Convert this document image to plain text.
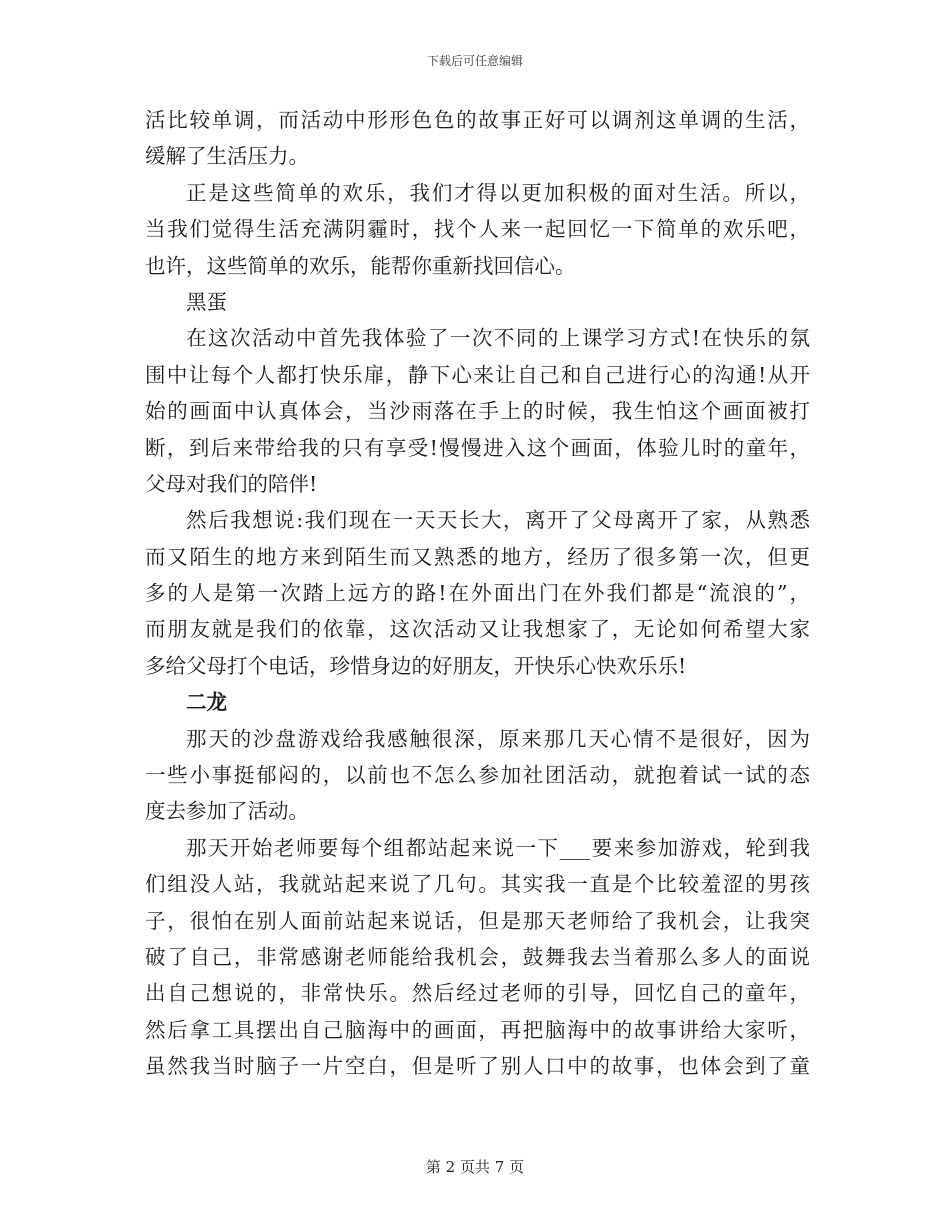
下载后可任意编辑
活比较单调，而活动中形形色色的故事正好可以调剂这单调的生活，
缓解了生活压力。
正是这些简单的欢乐，我们才得以更加积极的面对生活。所以，
当我们觉得生活充满阴霾时，找个人来一起回忆一下简单的欢乐吧，
也许，这些简单的欢乐，能帮你重新找回信心。
黑蛋
在这次活动中首先我体验了一次不同的上课学习方式!在快乐的氛
围中让每个人都打快乐扉，静下心来让自己和自己进行心的沟通!从开
始的画面中认真体会，当沙雨落在手上的时候，我生怕这个画面被打
断，到后来带给我的只有享受!慢慢进入这个画面，体验儿时的童年，
父母对我们的陪伴!
然后我想说:我们现在一天天长大，离开了父母离开了家，从熟悉
而又陌生的地方来到陌生而又熟悉的地方，经历了很多第一次，但更
多的人是第一次踏上远方的路!在外面出门在外我们都是“流浪的”，
而朋友就是我们的依靠，这次活动又让我想家了，无论如何希望大家
多给父母打个电话，珍惜身边的好朋友，开快乐心快欢乐乐!
二龙
那天的沙盘游戏给我感触很深，原来那几天心情不是很好，因为
一些小事挺郁闷的，以前也不怎么参加社团活动，就抱着试一试的态
度去参加了活动。
那天开始老师要每个组都站起来说一下___要来参加游戏，轮到我
们组没人站，我就站起来说了几句。其实我一直是个比较羞涩的男孩
子，很怕在别人面前站起来说话，但是那天老师给了我机会，让我突
破了自己，非常感谢老师能给我机会，鼓舞我去当着那么多人的面说
出自己想说的，非常快乐。然后经过老师的引导，回忆自己的童年，
然后拿工具摆出自己脑海中的画面，再把脑海中的故事讲给大家听，
虽然我当时脑子一片空白，但是听了别人口中的故事，也体会到了童
第 2 页共 7 页
